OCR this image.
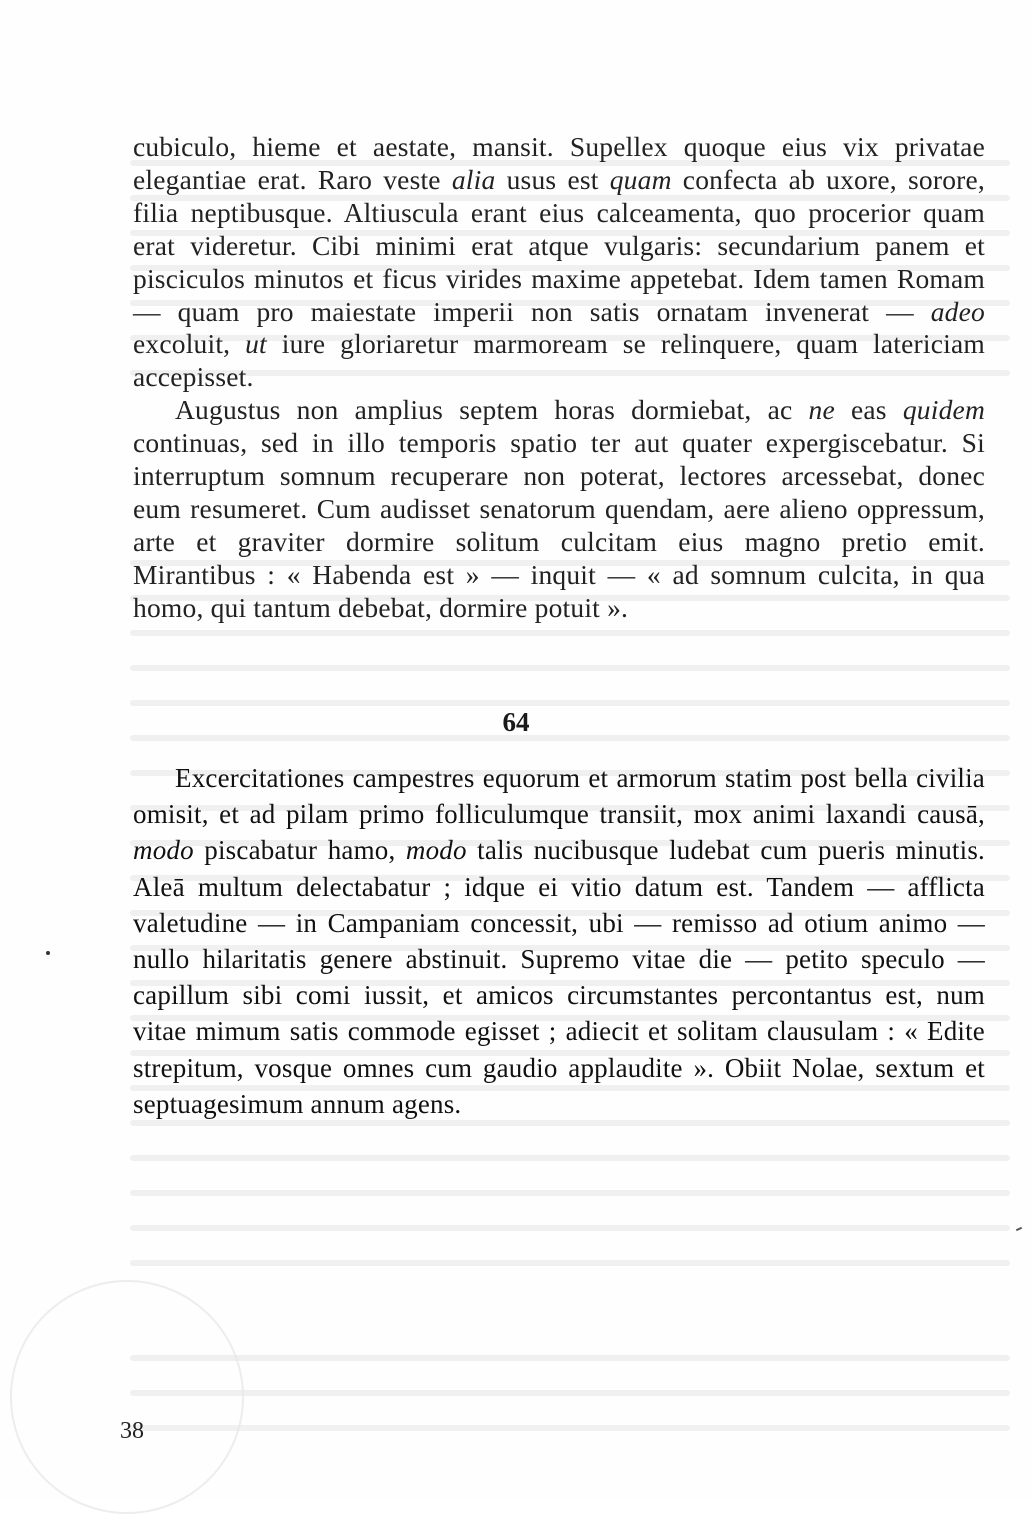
cubiculo, hieme et aestate, mansit. Supellex quoque eius vix privatae elegantiae erat. Raro veste alia usus est quam confecta ab uxore, sorore, filia neptibusque. Altiuscula erant eius calceamenta, quo procerior quam erat videretur. Cibi minimi erat atque vulgaris: secundarium panem et pisciculos minutos et ficus virides maxime appetebat. Idem tamen Romam — quam pro maiestate imperii non satis ornatam invenerat — adeo excoluit, ut iure gloriaretur marmoream se relinquere, quam latericiam accepisset.

Augustus non amplius septem horas dormiebat, ac ne eas quidem continuas, sed in illo temporis spatio ter aut quater expergiscebatur. Si interruptum somnum recuperare non poterat, lectores arcessebat, donec eum resumeret. Cum audisset senatorum quendam, aere alieno oppressum, arte et graviter dormire solitum culcitam eius magno pretio emit. Mirantibus : « Habenda est » — inquit — « ad somnum culcita, in qua homo, qui tantum debebat, dormire potuit ».

64

Excercitationes campestres equorum et armorum statim post bella civilia omisit, et ad pilam primo folliculumque transiit, mox animi laxandi causā, modo piscabatur hamo, modo talis nucibusque ludebat cum pueris minutis. Aleā multum delectabatur ; idque ei vitio datum est. Tandem — afflicta valetudine — in Campaniam concessit, ubi — remisso ad otium animo — nullo hilaritatis genere abstinuit. Supremo vitae die — petito speculo — capillum sibi comi iussit, et amicos circumstantes percontantus est, num vitae mimum satis commode egisset ; adiecit et solitam clausulam : « Edite strepitum, vosque omnes cum gaudio applaudite ». Obiit Nolae, sextum et septuagesimum annum agens.

38
